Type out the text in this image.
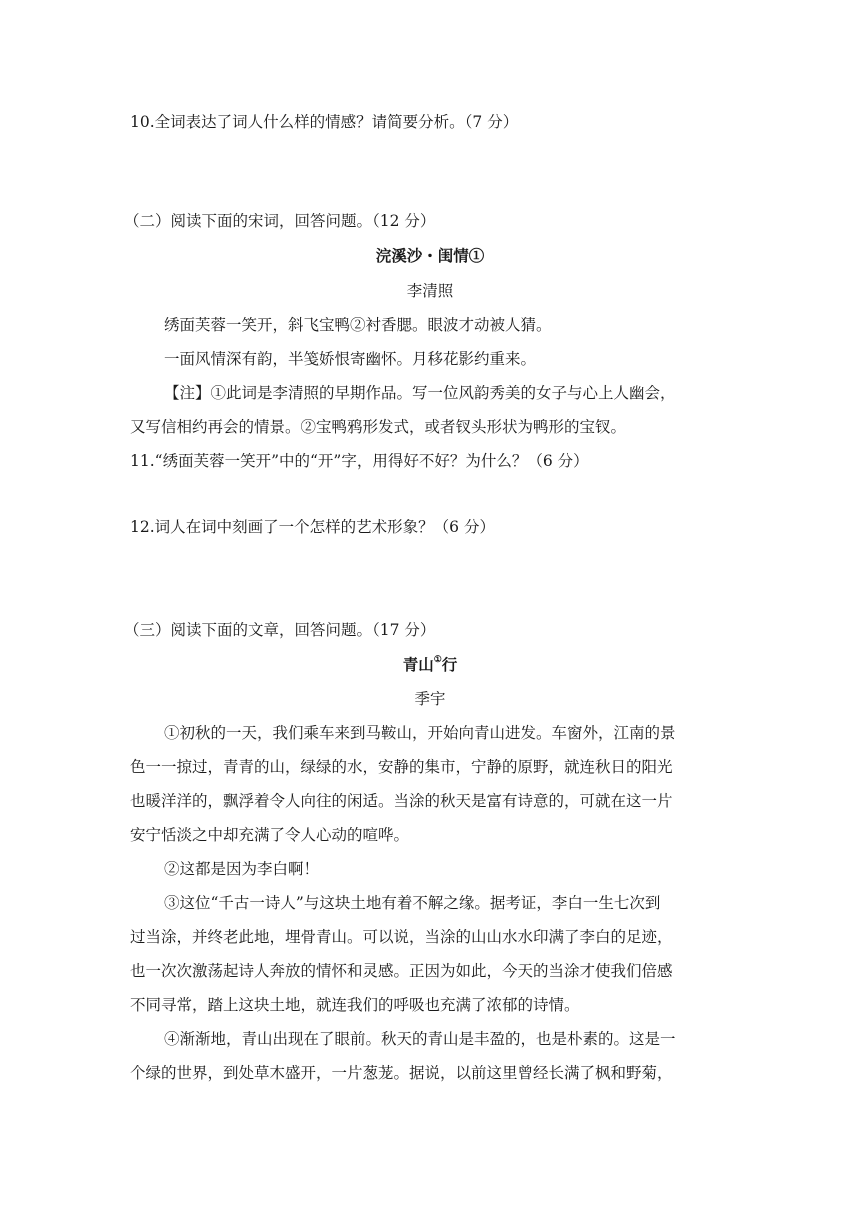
10.全词表达了词人什么样的情感？请简要分析。（7 分）
（二）阅读下面的宋词，回答问题。（12 分）
浣溪沙・闺情①
李清照
绣面芙蓉一笑开，斜飞宝鸭②衬香腮。眼波才动被人猜。
一面风情深有韵，半笺娇恨寄幽怀。月移花影约重来。
【注】①此词是李清照的早期作品。写一位风韵秀美的女子与心上人幽会，
又写信相约再会的情景。②宝鸭鸦形发式，或者钗头形状为鸭形的宝钗。
11.“绣面芙蓉一笑开”中的“开”字，用得好不好？为什么？（6 分）
12.词人在词中刻画了一个怎样的艺术形象？（6 分）
（三）阅读下面的文章，回答问题。（17 分）
青山①行
季宇
①初秋的一天，我们乘车来到马鞍山，开始向青山进发。车窗外，江南的景
色一一掠过，青青的山，绿绿的水，安静的集市，宁静的原野，就连秋日的阳光
也暖洋洋的，飘浮着令人向往的闲适。当涂的秋天是富有诗意的，可就在这一片
安宁恬淡之中却充满了令人心动的喧哗。
②这都是因为李白啊！
③这位“千古一诗人”与这块土地有着不解之缘。据考证，李白一生七次到
过当涂，并终老此地，埋骨青山。可以说，当涂的山山水水印满了李白的足迹，
也一次次激荡起诗人奔放的情怀和灵感。正因为如此，今天的当涂才使我们倍感
不同寻常，踏上这块土地，就连我们的呼吸也充满了浓郁的诗情。
④渐渐地，青山出现在了眼前。秋天的青山是丰盈的，也是朴素的。这是一
个绿的世界，到处草木盛开，一片葱茏。据说，以前这里曾经长满了枫和野菊，
